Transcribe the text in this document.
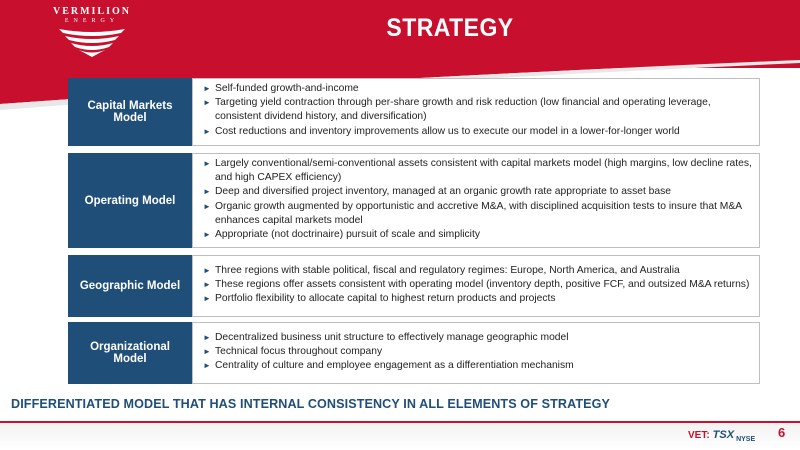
VERMILION
ENERGY	STRATEGY
Capital Markets Model
► Self-funded growth-and-income
► Targeting yield contraction through per-share growth and risk reduction (low financial and operating leverage, consistent dividend history, and diversification)
► Cost reductions and inventory improvements allow us to execute our model in a lower-for-longer world
Operating Model
► Largely conventional/semi-conventional assets consistent with capital markets model (high margins, low decline rates, and high CAPEX efficiency)
► Deep and diversified project inventory, managed at an organic growth rate appropriate to asset base
► Organic growth augmented by opportunistic and accretive M&A, with disciplined acquisition tests to insure that M&A enhances capital markets model
► Appropriate (not doctrinaire) pursuit of scale and simplicity
Geographic Model
► Three regions with stable political, fiscal and regulatory regimes: Europe, North America, and Australia
► These regions offer assets consistent with operating model (inventory depth, positive FCF, and outsized M&A returns)
► Portfolio flexibility to allocate capital to highest return products and projects
Organizational Model
► Decentralized business unit structure to effectively manage geographic model
► Technical focus throughout company
► Centrality of culture and employee engagement as a differentiation mechanism
DIFFERENTIATED MODEL THAT HAS INTERNAL CONSISTENCY IN ALL ELEMENTS OF STRATEGY
VET: TSX NYSE 6
